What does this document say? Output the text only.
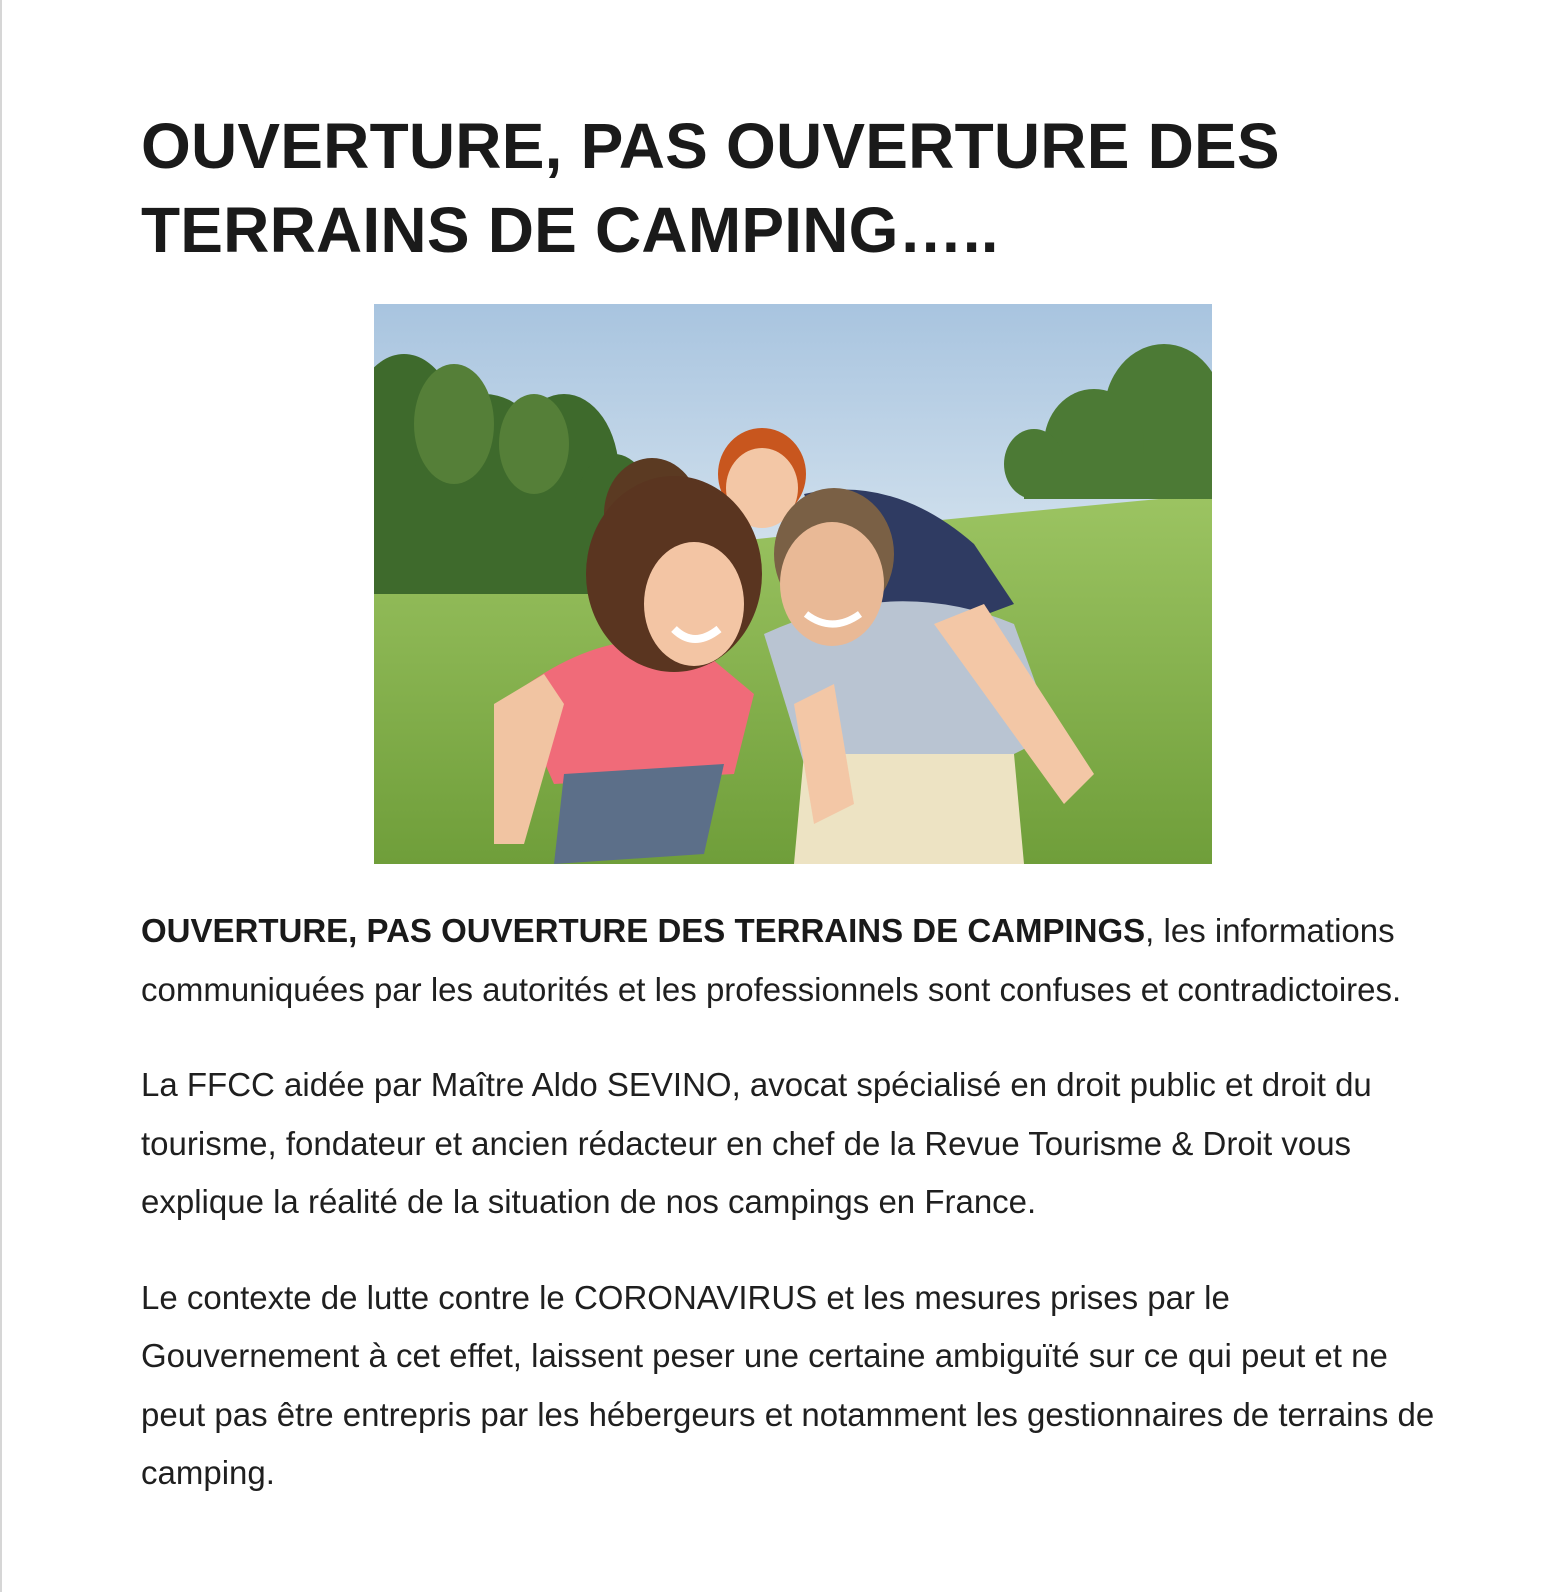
OUVERTURE, PAS OUVERTURE DES TERRAINS DE CAMPING…..

OUVERTURE, PAS OUVERTURE DES TERRAINS DE CAMPINGS, les informations communiquées par les autorités et les professionnels sont confuses et contradictoires.

La FFCC aidée par Maître Aldo SEVINO, avocat spécialisé en droit public et droit du tourisme, fondateur et ancien rédacteur en chef de la Revue Tourisme & Droit vous explique la réalité de la situation de nos campings en France.

Le contexte de lutte contre le CORONAVIRUS et les mesures prises par le Gouvernement à cet effet, laissent peser une certaine ambiguïté sur ce qui peut et ne peut pas être entrepris par les hébergeurs et notamment les gestionnaires de terrains de camping.
